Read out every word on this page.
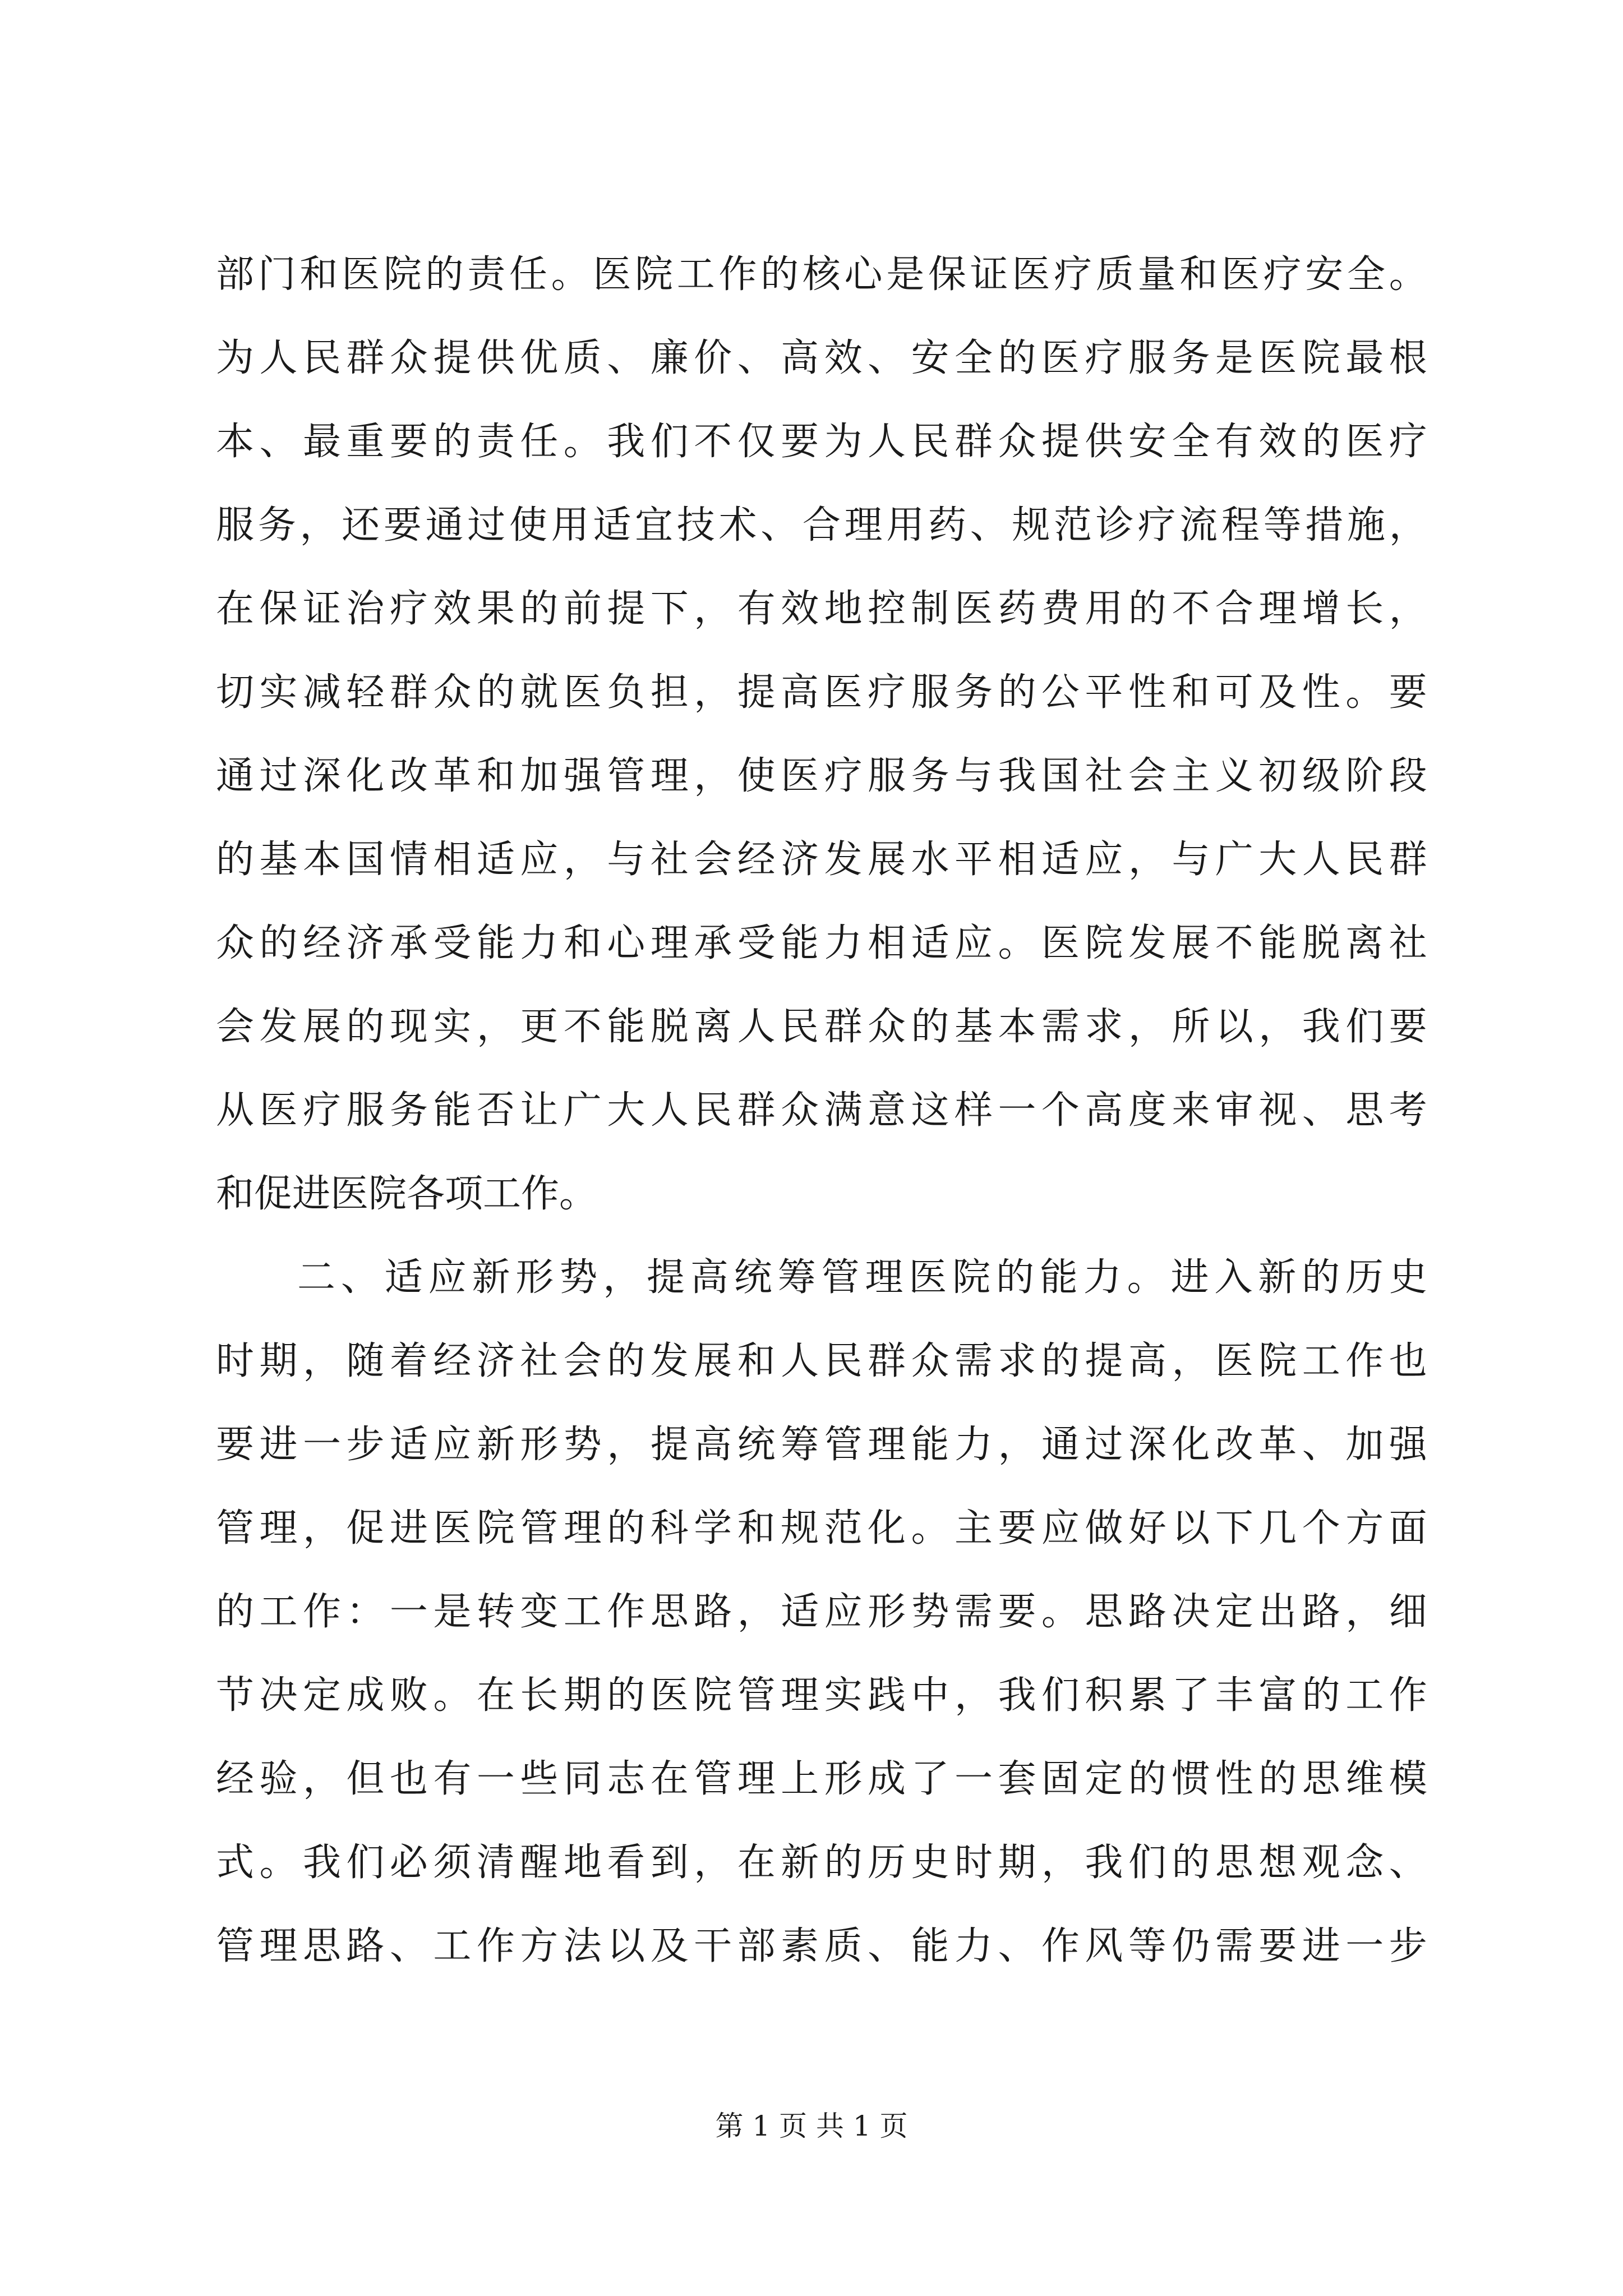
部 门 和 医 院 的 责 任 。 医 院 工 作 的 核 心 是 保 证 医 疗 质 量 和 医 疗 安 全 。
为 人 民 群 众 提 供 优 质 、 廉 价 、 高 效 、 安 全 的 医 疗 服 务 是 医 院 最 根
本 、 最 重 要 的 责 任 。 我 们 不 仅 要 为 人 民 群 众 提 供 安 全 有 效 的 医 疗
服 务 ， 还 要 通 过 使 用 适 宜 技 术 、 合 理 用 药 、 规 范 诊 疗 流 程 等 措 施 ，
在 保 证 治 疗 效 果 的 前 提 下 ， 有 效 地 控 制 医 药 费 用 的 不 合 理 增 长 ，
切 实 减 轻 群 众 的 就 医 负 担 ， 提 高 医 疗 服 务 的 公 平 性 和 可 及 性 。 要
通 过 深 化 改 革 和 加 强 管 理 ， 使 医 疗 服 务 与 我 国 社 会 主 义 初 级 阶 段
的 基 本 国 情 相 适 应 ， 与 社 会 经 济 发 展 水 平 相 适 应 ， 与 广 大 人 民 群
众 的 经 济 承 受 能 力 和 心 理 承 受 能 力 相 适 应 。 医 院 发 展 不 能 脱 离 社
会 发 展 的 现 实 ， 更 不 能 脱 离 人 民 群 众 的 基 本 需 求 ， 所 以 ， 我 们 要
从 医 疗 服 务 能 否 让 广 大 人 民 群 众 满 意 这 样 一 个 高 度 来 审 视 、 思 考
和促进医院各项工作。
二 、 适 应 新 形 势 ， 提 高 统 筹 管 理 医 院 的 能 力 。 进 入 新 的 历 史
时 期 ， 随 着 经 济 社 会 的 发 展 和 人 民 群 众 需 求 的 提 高 ， 医 院 工 作 也
要 进 一 步 适 应 新 形 势 ， 提 高 统 筹 管 理 能 力 ， 通 过 深 化 改 革 、 加 强
管 理 ， 促 进 医 院 管 理 的 科 学 和 规 范 化 。 主 要 应 做 好 以 下 几 个 方 面
的 工 作 ： 一 是 转 变 工 作 思 路 ， 适 应 形 势 需 要 。 思 路 决 定 出 路 ， 细
节 决 定 成 败 。 在 长 期 的 医 院 管 理 实 践 中 ， 我 们 积 累 了 丰 富 的 工 作
经 验 ， 但 也 有 一 些 同 志 在 管 理 上 形 成 了 一 套 固 定 的 惯 性 的 思 维 模
式 。 我 们 必 须 清 醒 地 看 到 ， 在 新 的 历 史 时 期 ， 我 们 的 思 想 观 念 、
管 理 思 路 、 工 作 方 法 以 及 干 部 素 质 、 能 力 、 作 风 等 仍 需 要 进 一 步
第 1 页 共 1 页
